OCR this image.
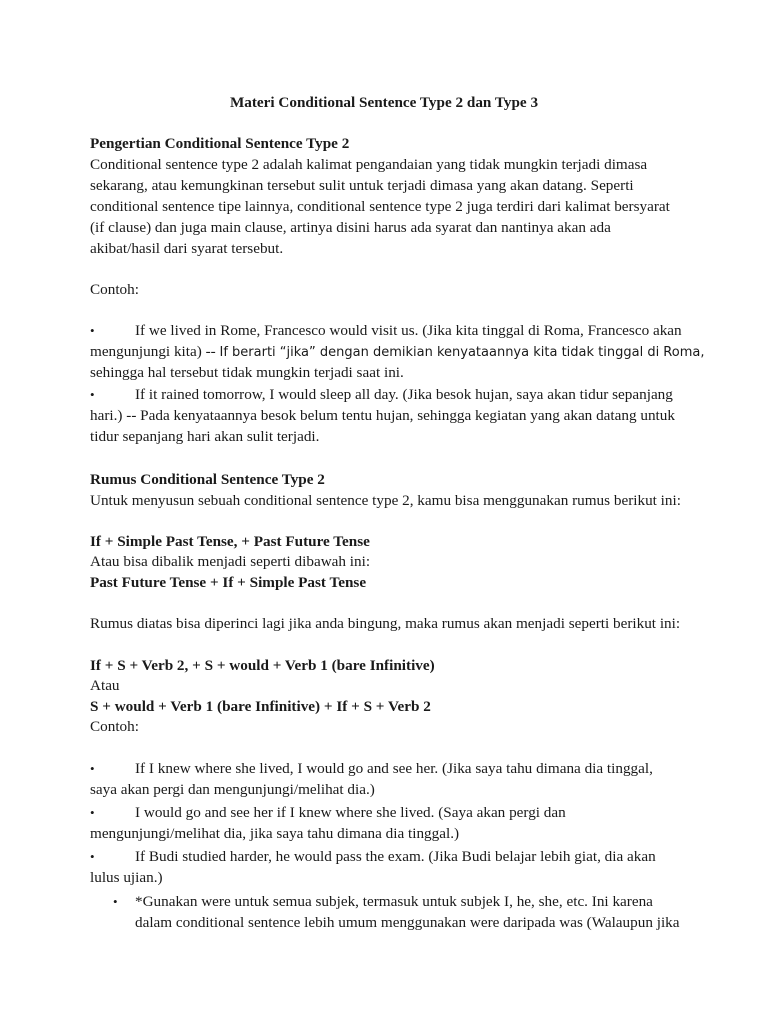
Materi Conditional Sentence Type 2 dan Type 3
Pengertian Conditional Sentence Type 2
Conditional sentence type 2 adalah kalimat pengandaian yang tidak mungkin terjadi dimasa
sekarang, atau kemungkinan tersebut sulit untuk terjadi dimasa yang akan datang. Seperti
conditional sentence tipe lainnya, conditional sentence type 2 juga terdiri dari kalimat bersyarat
(if clause) dan juga main clause, artinya disini harus ada syarat dan nantinya akan ada
akibat/hasil dari syarat tersebut.
Contoh:
•	If we lived in Rome, Francesco would visit us. (Jika kita tinggal di Roma, Francesco akan
mengunjungi kita) -- If berarti “jika” dengan demikian kenyataannya kita tidak tinggal di Roma,
sehingga hal tersebut tidak mungkin terjadi saat ini.
•	If it rained tomorrow, I would sleep all day. (Jika besok hujan, saya akan tidur sepanjang
hari.) -- Pada kenyataannya besok belum tentu hujan, sehingga kegiatan yang akan datang untuk
tidur sepanjang hari akan sulit terjadi.
Rumus Conditional Sentence Type 2
Untuk menyusun sebuah conditional sentence type 2, kamu bisa menggunakan rumus berikut ini:
If + Simple Past Tense, + Past Future Tense
Atau bisa dibalik menjadi seperti dibawah ini:
Past Future Tense + If + Simple Past Tense
Rumus diatas bisa diperinci lagi jika anda bingung, maka rumus akan menjadi seperti berikut ini:
If + S + Verb 2, + S + would + Verb 1 (bare Infinitive)
Atau
S + would + Verb 1 (bare Infinitive) + If + S + Verb 2
Contoh:
•	If I knew where she lived, I would go and see her. (Jika saya tahu dimana dia tinggal,
saya akan pergi dan mengunjungi/melihat dia.)
•	I would go and see her if I knew where she lived. (Saya akan pergi dan
mengunjungi/melihat dia, jika saya tahu dimana dia tinggal.)
•	If Budi studied harder, he would pass the exam. (Jika Budi belajar lebih giat, dia akan
lulus ujian.)
• *Gunakan were untuk semua subjek, termasuk untuk subjek I, he, she, etc. Ini karena
dalam conditional sentence lebih umum menggunakan were daripada was (Walaupun jika
